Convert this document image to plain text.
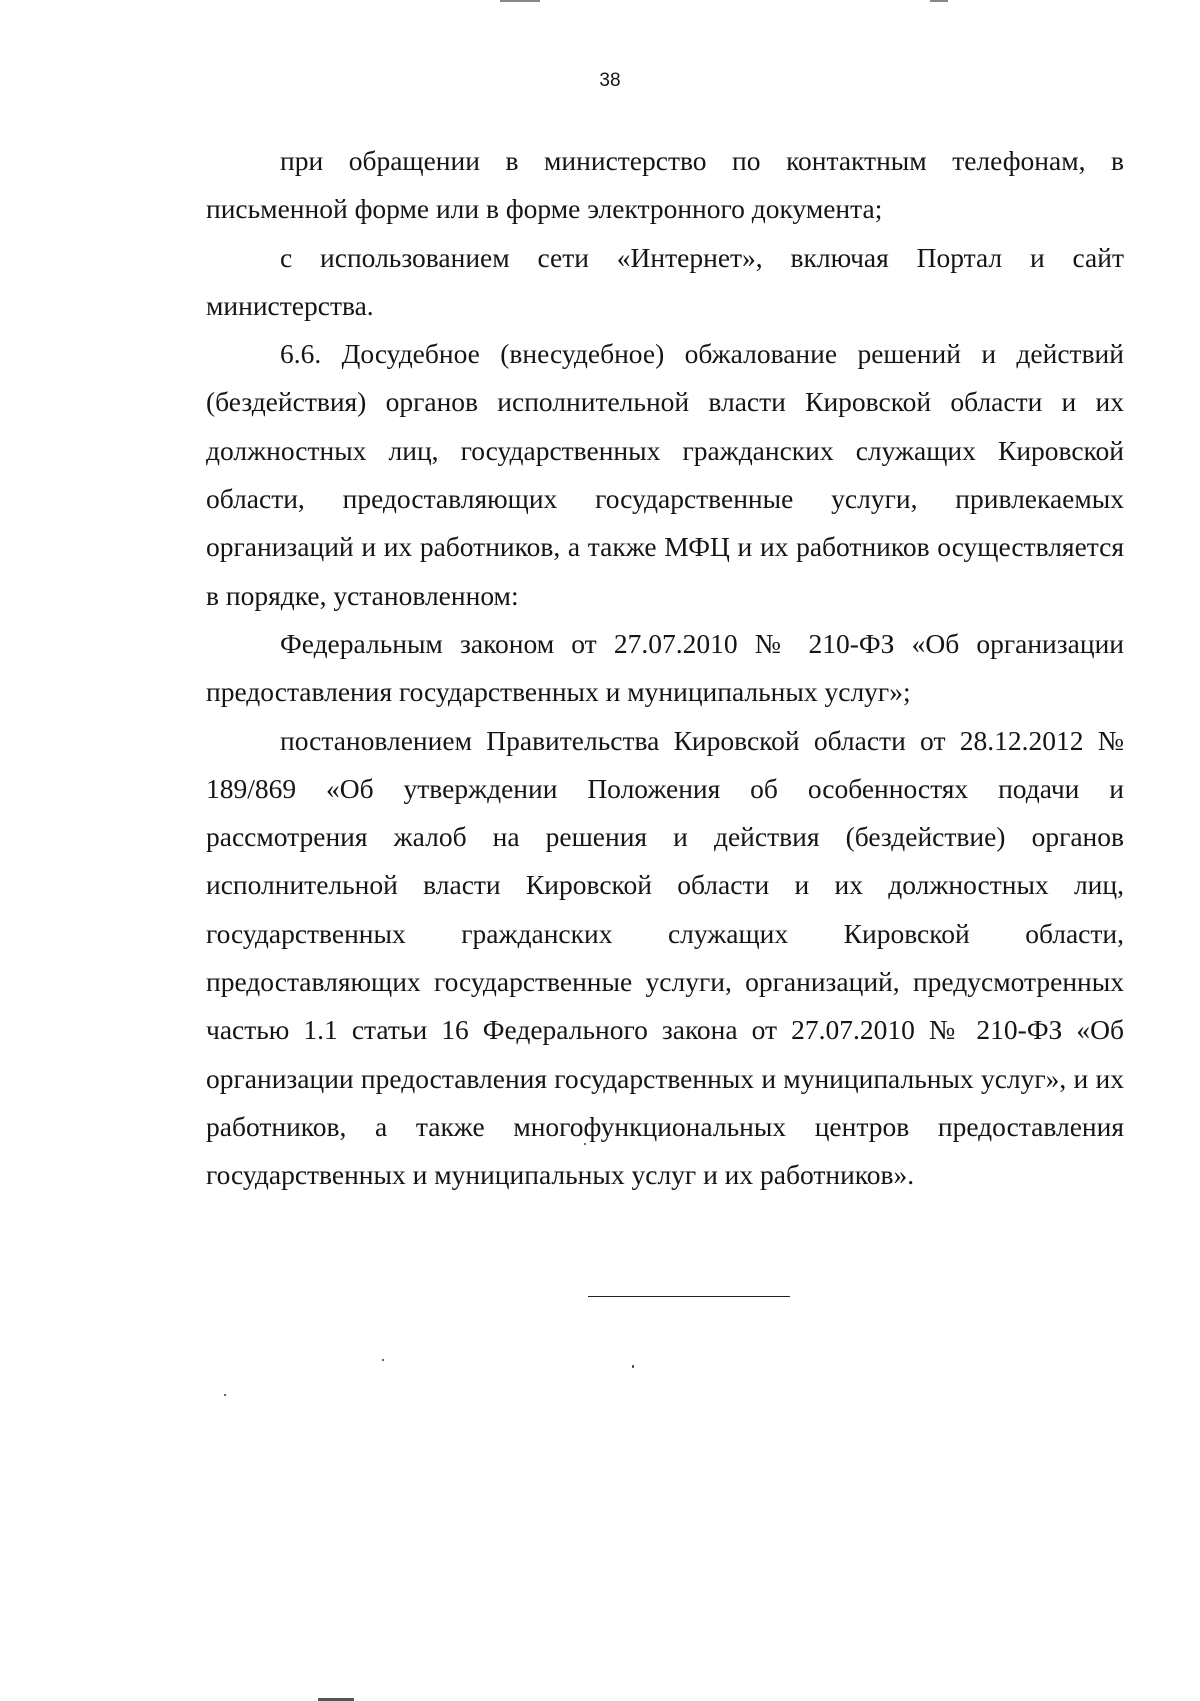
38

при обращении в министерство по контактным телефонам, в письменной форме или в форме электронного документа;

с использованием сети «Интернет», включая Портал и сайт министерства.

6.6. Досудебное (внесудебное) обжалование решений и действий (бездействия) органов исполнительной власти Кировской области и их должностных лиц, государственных гражданских служащих Кировской области, предоставляющих государственные услуги, привлекаемых организаций и их работников, а также МФЦ и их работников осуществляется в порядке, установленном:

Федеральным законом от 27.07.2010 № 210-ФЗ «Об организации предоставления государственных и муниципальных услуг»;

постановлением Правительства Кировской области от 28.12.2012 № 189/869 «Об утверждении Положения об особенностях подачи и рассмотрения жалоб на решения и действия (бездействие) органов исполнительной власти Кировской области и их должностных лиц, государственных гражданских служащих Кировской области, предоставляющих государственные услуги, организаций, предусмотренных частью 1.1 статьи 16 Федерального закона от 27.07.2010 № 210-ФЗ «Об организации предоставления государственных и муниципальных услуг», и их работников, а также многофункциональных центров предоставления государственных и муниципальных услуг и их работников».
